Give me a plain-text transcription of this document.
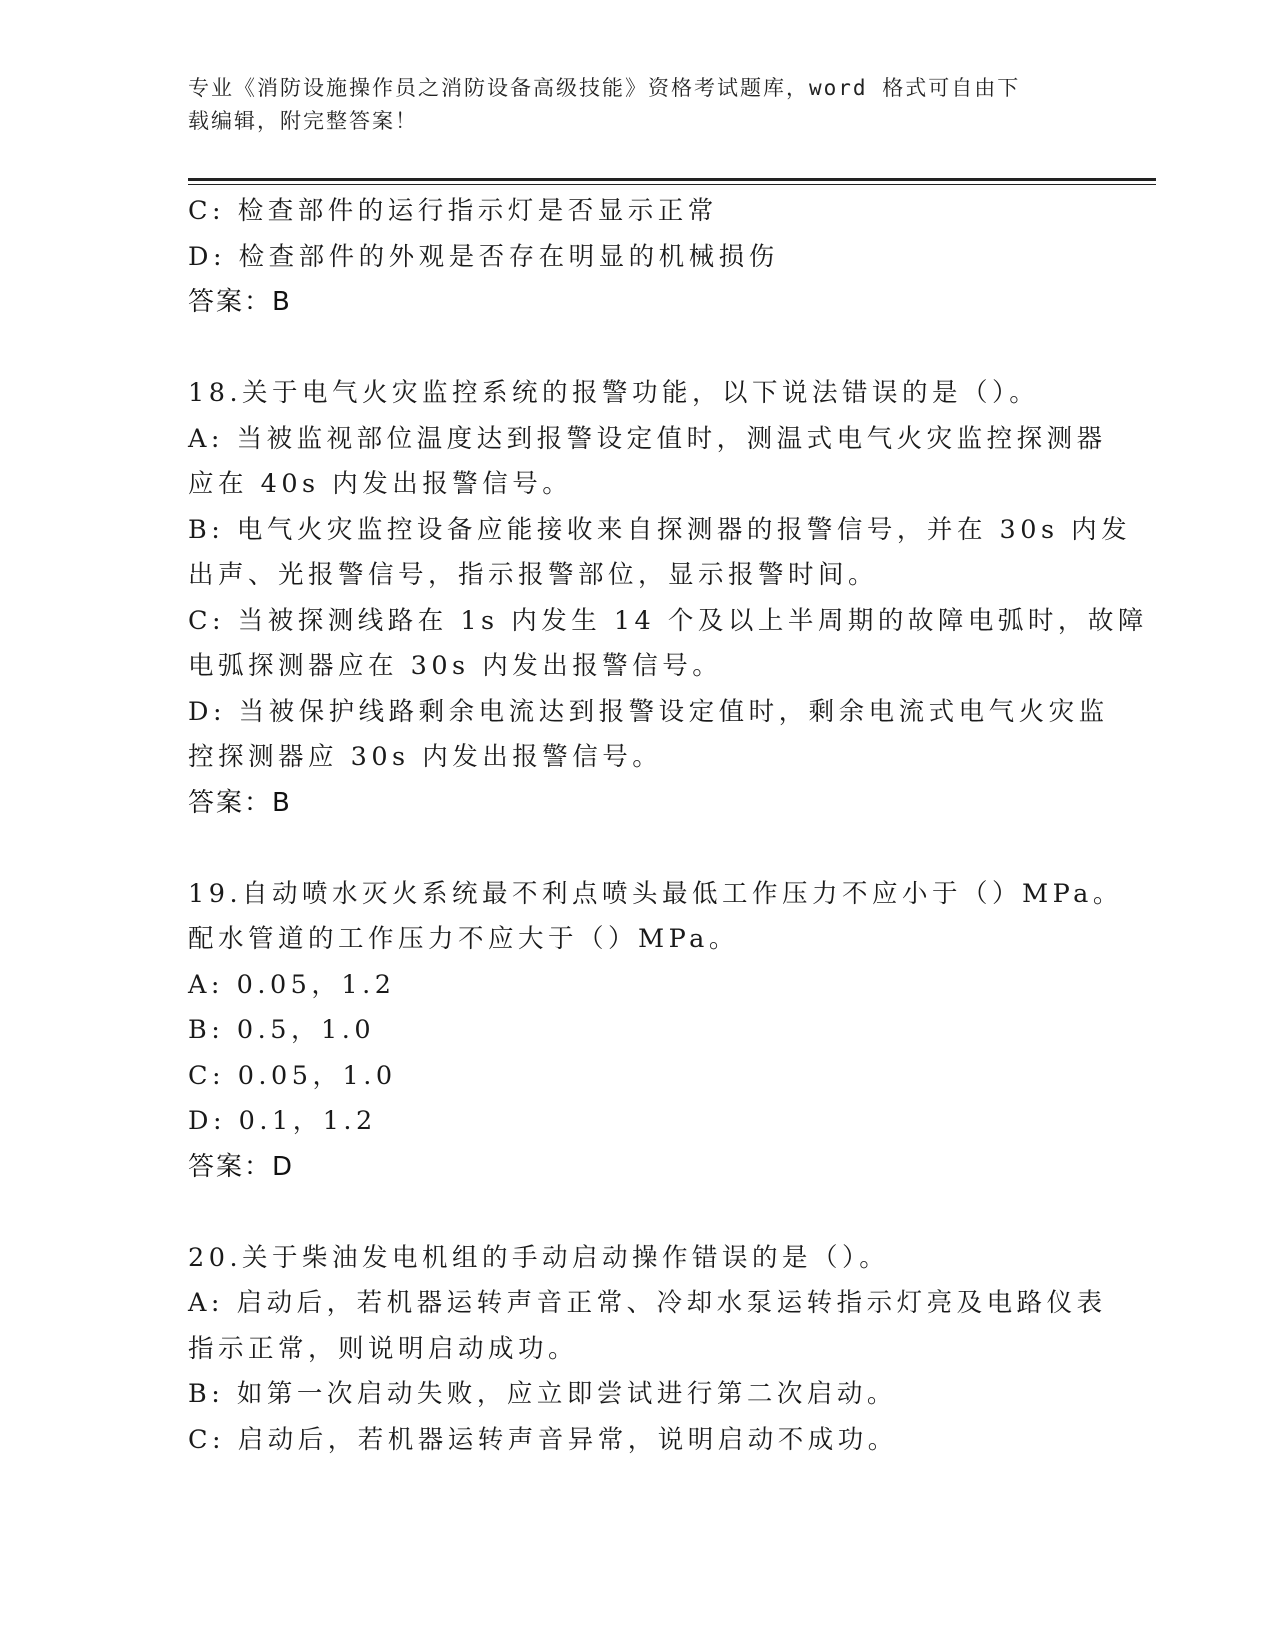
专业《消防设施操作员之消防设备高级技能》资格考试题库，word 格式可自由下
载编辑，附完整答案！
C: 检查部件的运行指示灯是否显示正常
D: 检查部件的外观是否存在明显的机械损伤
答案：B
18.关于电气火灾监控系统的报警功能，以下说法错误的是（）。
A: 当被监视部位温度达到报警设定值时，测温式电气火灾监控探测器
应在 40s 内发出报警信号。
B: 电气火灾监控设备应能接收来自探测器的报警信号，并在 30s 内发
出声、光报警信号，指示报警部位，显示报警时间。
C: 当被探测线路在 1s 内发生 14 个及以上半周期的故障电弧时，故障
电弧探测器应在 30s 内发出报警信号。
D: 当被保护线路剩余电流达到报警设定值时，剩余电流式电气火灾监
控探测器应 30s 内发出报警信号。
答案：B
19.自动喷水灭火系统最不利点喷头最低工作压力不应小于（）MPa。
配水管道的工作压力不应大于（）MPa。
A: 0.05，1.2
B: 0.5，1.0
C: 0.05，1.0
D: 0.1，1.2
答案：D
20.关于柴油发电机组的手动启动操作错误的是（）。
A: 启动后，若机器运转声音正常、冷却水泵运转指示灯亮及电路仪表
指示正常，则说明启动成功。
B: 如第一次启动失败，应立即尝试进行第二次启动。
C: 启动后，若机器运转声音异常，说明启动不成功。
